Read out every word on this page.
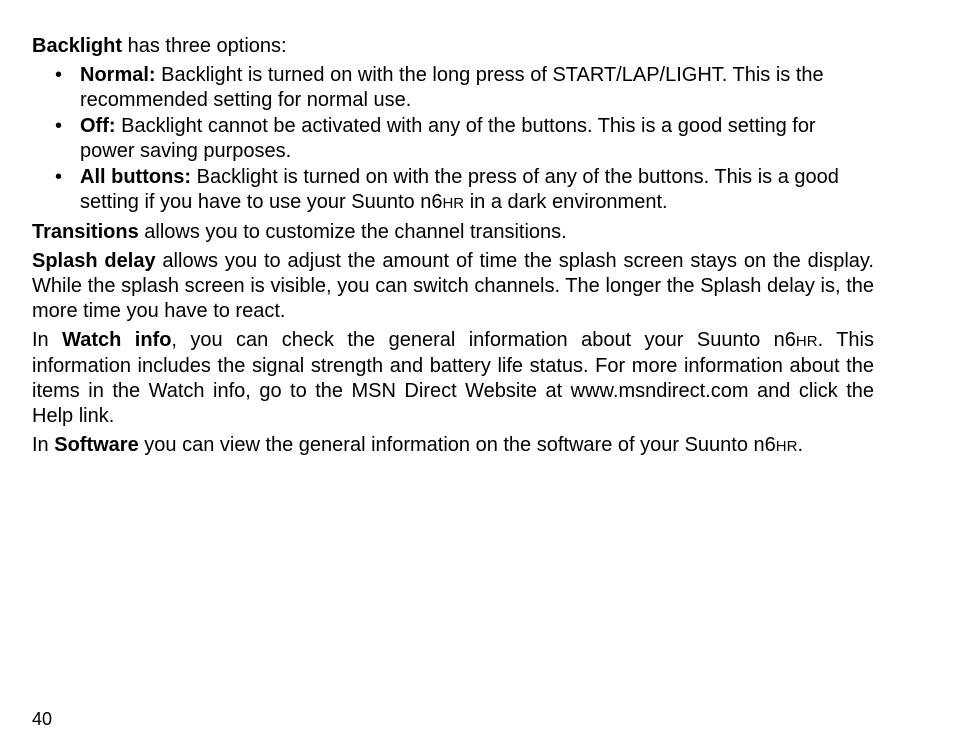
Backlight has three options:

• Normal: Backlight is turned on with the long press of START/LAP/LIGHT. This is the recommended setting for normal use.
• Off: Backlight cannot be activated with any of the buttons. This is a good setting for power saving purposes.
• All buttons: Backlight is turned on with the press of any of the buttons. This is a good setting if you have to use your Suunto n6HR in a dark environment.

Transitions allows you to customize the channel transitions.

Splash delay allows you to adjust the amount of time the splash screen stays on the display. While the splash screen is visible, you can switch channels. The longer the Splash delay is, the more time you have to react.

In Watch info, you can check the general information about your Suunto n6HR. This information includes the signal strength and battery life status. For more information about the items in the Watch info, go to the MSN Direct Website at www.msndirect.com and click the Help link.

In Software you can view the general information on the software of your Suunto n6HR.

40
